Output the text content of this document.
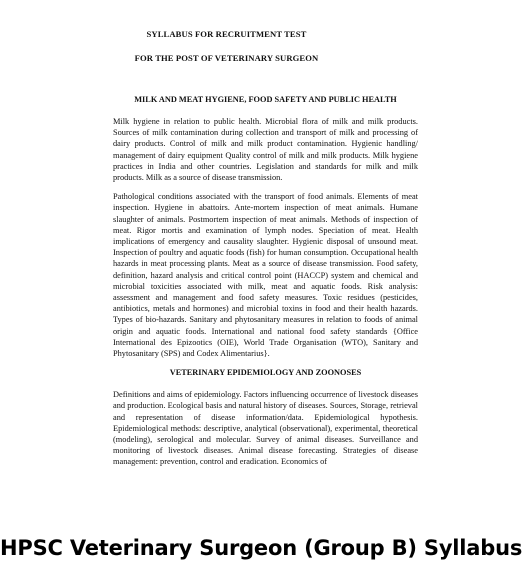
SYLLABUS FOR RECRUITMENT TEST
FOR THE POST OF VETERINARY SURGEON
MILK AND MEAT HYGIENE, FOOD SAFETY AND PUBLIC HEALTH

Milk hygiene in relation to public health. Microbial flora of milk and milk products. Sources of milk contamination during collection and transport of milk and processing of dairy products. Control of milk and milk product contamination. Hygienic handling/ management of dairy equipment Quality control of milk and milk products. Milk hygiene practices in India and other countries. Legislation and standards for milk and milk products. Milk as a source of disease transmission.

Pathological conditions associated with the transport of food animals. Elements of meat inspection. Hygiene in abattoirs. Ante-mortem inspection of meat animals. Humane slaughter of animals. Postmortem inspection of meat animals. Methods of inspection of meat. Rigor mortis and examination of lymph nodes. Speciation of meat. Health implications of emergency and causality slaughter. Hygienic disposal of unsound meat. Inspection of poultry and aquatic foods (fish) for human consumption. Occupational health hazards in meat processing plants. Meat as a source of disease transmission. Food safety, definition, hazard analysis and critical control point (HACCP) system and chemical and microbial toxicities associated with milk, meat and aquatic foods. Risk analysis: assessment and management and food safety measures. Toxic residues (pesticides, antibiotics, metals and hormones) and microbial toxins in food and their health hazards. Types of bio-hazards. Sanitary and phytosanitary measures in relation to foods of animal origin and aquatic foods. International and national food safety standards {Office International des Epizootics (OIE), World Trade Organisation (WTO), Sanitary and Phytosanitary (SPS) and Codex Alimentarius}.

VETERINARY EPIDEMIOLOGY AND ZOONOSES

Definitions and aims of epidemiology. Factors influencing occurrence of livestock diseases and production. Ecological basis and natural history of diseases. Sources, Storage, retrieval and representation of disease information/data. Epidemiological hypothesis. Epidemiological methods: descriptive, analytical (observational), experimental, theoretical (modeling), serological and molecular. Survey of animal diseases. Surveillance and monitoring of livestock diseases. Animal disease forecasting. Strategies of disease management: prevention, control and eradication. Economics of

HPSC Veterinary Surgeon (Group B) Syllabus
